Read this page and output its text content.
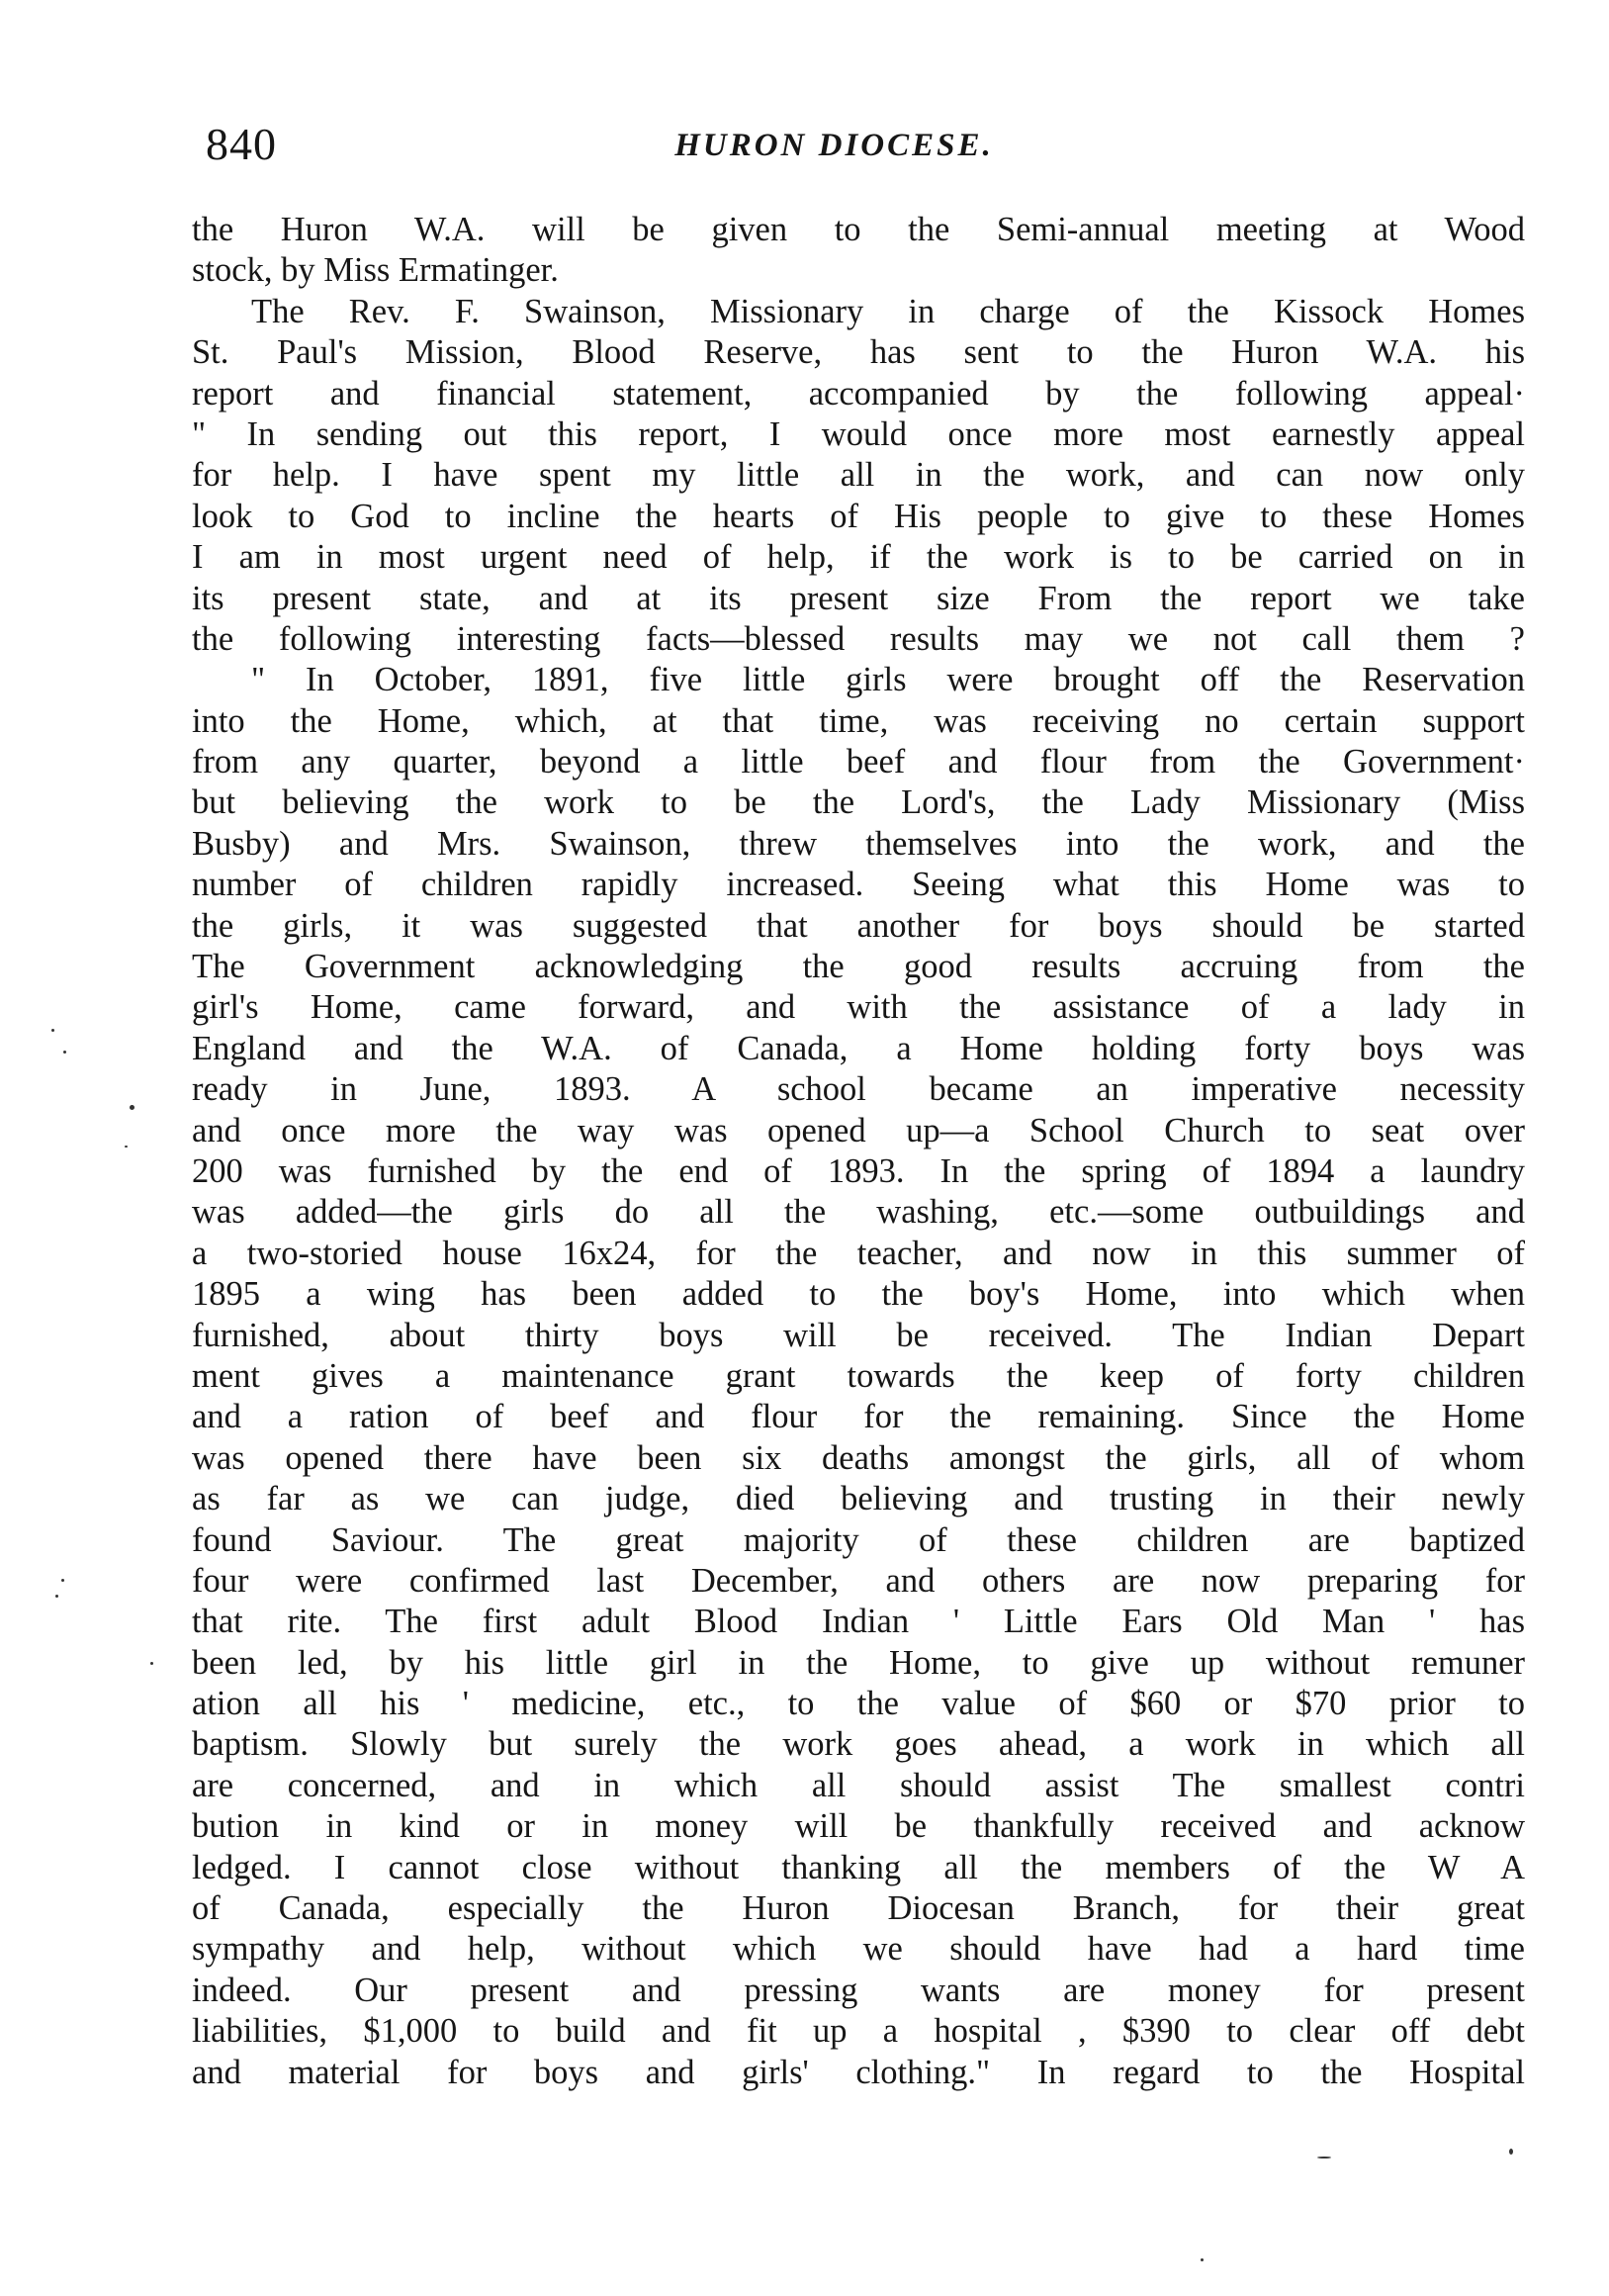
840	HURON DIOCESE.
the Huron W.A. will be given to the Semi-annual meeting at Wood
stock, by Miss Ermatinger.
The Rev. F. Swainson, Missionary in charge of the Kissock Homes
St. Paul's Mission, Blood Reserve, has sent to the Huron W.A. his
report and financial statement, accompanied by the following appeal·
" In sending out this report, I would once more most earnestly appeal
for help. I have spent my little all in the work, and can now only
look to God to incline the hearts of His people to give to these Homes
I am in most urgent need of help, if the work is to be carried on in
its present state, and at its present size From the report we take
the following interesting facts—blessed results may we not call them ?
" In October, 1891, five little girls were brought off the Reservation
into the Home, which, at that time, was receiving no certain support
from any quarter, beyond a little beef and flour from the Government·
but believing the work to be the Lord's, the Lady Missionary (Miss
Busby) and Mrs. Swainson, threw themselves into the work, and the
number of children rapidly increased. Seeing what this Home was to
the girls, it was suggested that another for boys should be started
The Government acknowledging the good results accruing from the
girl's Home, came forward, and with the assistance of a lady in
England and the W.A. of Canada, a Home holding forty boys was
ready in June, 1893. A school became an imperative necessity
and once more the way was opened up—a School Church to seat over
200 was furnished by the end of 1893. In the spring of 1894 a laundry
was added—the girls do all the washing, etc.—some outbuildings and
a two-storied house 16x24, for the teacher, and now in this summer of
1895 a wing has been added to the boy's Home, into which when
furnished, about thirty boys will be received. The Indian Depart
ment gives a maintenance grant towards the keep of forty children
and a ration of beef and flour for the remaining. Since the Home
was opened there have been six deaths amongst the girls, all of whom
as far as we can judge, died believing and trusting in their newly
found Saviour. The great majority of these children are baptized
four were confirmed last December, and others are now preparing for
that rite. The first adult Blood Indian ' Little Ears Old Man ' has
been led, by his little girl in the Home, to give up without remuner
ation all his ' medicine, etc., to the value of $60 or $70 prior to
baptism. Slowly but surely the work goes ahead, a work in which all
are concerned, and in which all should assist The smallest contri
bution in kind or in money will be thankfully received and acknow
ledged. I cannot close without thanking all the members of the W A
of Canada, especially the Huron Diocesan Branch, for their great
sympathy and help, without which we should have had a hard time
indeed. Our present and pressing wants are money for present
liabilities, $1,000 to build and fit up a hospital , $390 to clear off debt
and material for boys and girls' clothing." In regard to the Hospital
